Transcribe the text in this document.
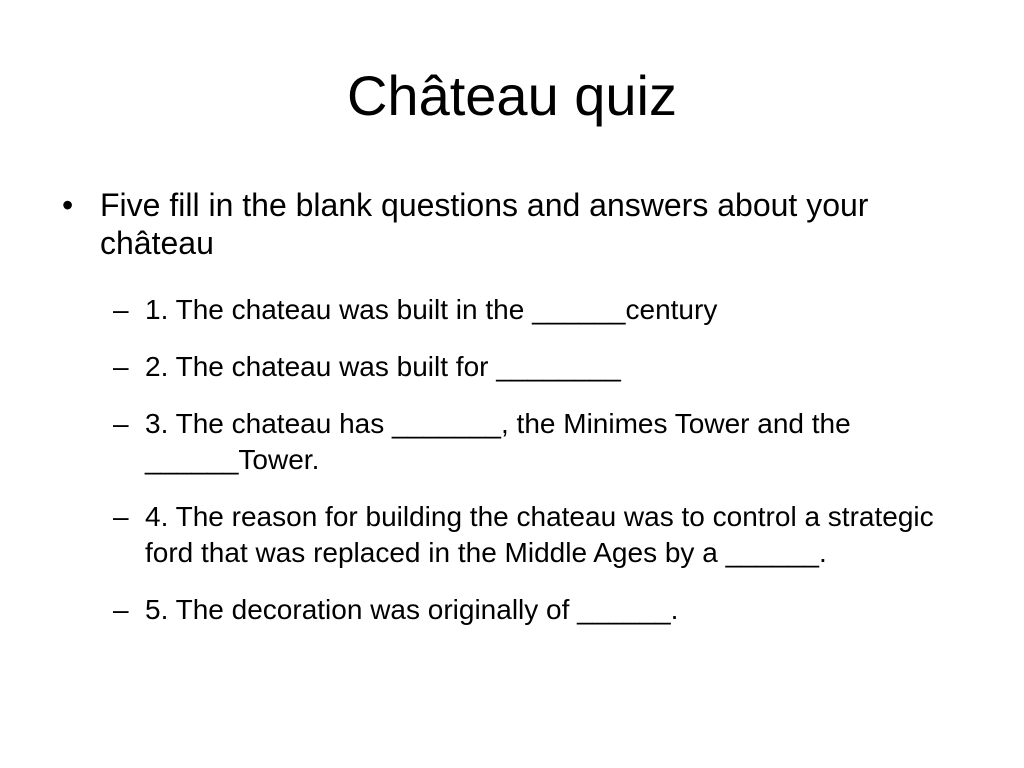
Château quiz
• Five fill in the blank questions and answers about your château
– 1. The chateau was built in the ______century
– 2. The chateau was built for ________
– 3. The chateau has _______, the Minimes Tower and the ______Tower.
– 4. The reason for building the chateau was to control a strategic ford that was replaced in the Middle Ages by a ______.
– 5. The decoration was originally of ______.
